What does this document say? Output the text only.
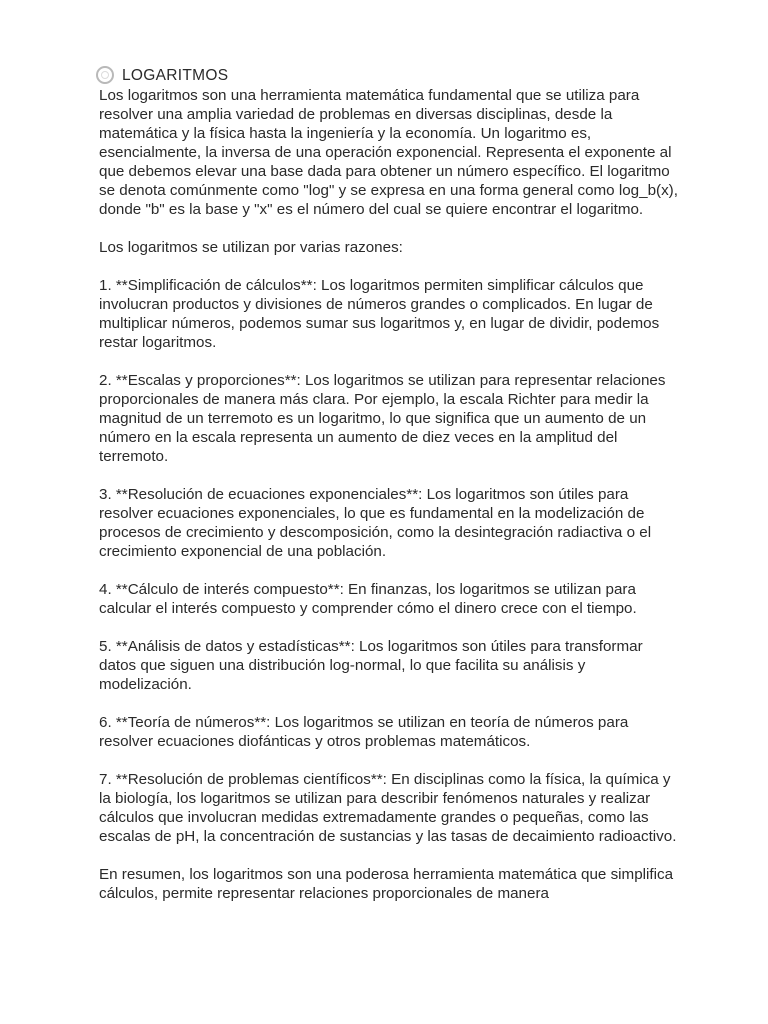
LOGARITMOS

Los logaritmos son una herramienta matemática fundamental que se utiliza para resolver una amplia variedad de problemas en diversas disciplinas, desde la matemática y la física hasta la ingeniería y la economía. Un logaritmo es, esencialmente, la inversa de una operación exponencial. Representa el exponente al que debemos elevar una base dada para obtener un número específico. El logaritmo se denota comúnmente como "log" y se expresa en una forma general como log_b(x), donde "b" es la base y "x" es el número del cual se quiere encontrar el logaritmo.

Los logaritmos se utilizan por varias razones:

1. **Simplificación de cálculos**: Los logaritmos permiten simplificar cálculos que involucran productos y divisiones de números grandes o complicados. En lugar de multiplicar números, podemos sumar sus logaritmos y, en lugar de dividir, podemos restar logaritmos.

2. **Escalas y proporciones**: Los logaritmos se utilizan para representar relaciones proporcionales de manera más clara. Por ejemplo, la escala Richter para medir la magnitud de un terremoto es un logaritmo, lo que significa que un aumento de un número en la escala representa un aumento de diez veces en la amplitud del terremoto.

3. **Resolución de ecuaciones exponenciales**: Los logaritmos son útiles para resolver ecuaciones exponenciales, lo que es fundamental en la modelización de procesos de crecimiento y descomposición, como la desintegración radiactiva o el crecimiento exponencial de una población.

4. **Cálculo de interés compuesto**: En finanzas, los logaritmos se utilizan para calcular el interés compuesto y comprender cómo el dinero crece con el tiempo.

5. **Análisis de datos y estadísticas**: Los logaritmos son útiles para transformar datos que siguen una distribución log-normal, lo que facilita su análisis y modelización.

6. **Teoría de números**: Los logaritmos se utilizan en teoría de números para resolver ecuaciones diofánticas y otros problemas matemáticos.

7. **Resolución de problemas científicos**: En disciplinas como la física, la química y la biología, los logaritmos se utilizan para describir fenómenos naturales y realizar cálculos que involucran medidas extremadamente grandes o pequeñas, como las escalas de pH, la concentración de sustancias y las tasas de decaimiento radioactivo.

En resumen, los logaritmos son una poderosa herramienta matemática que simplifica cálculos, permite representar relaciones proporcionales de manera
